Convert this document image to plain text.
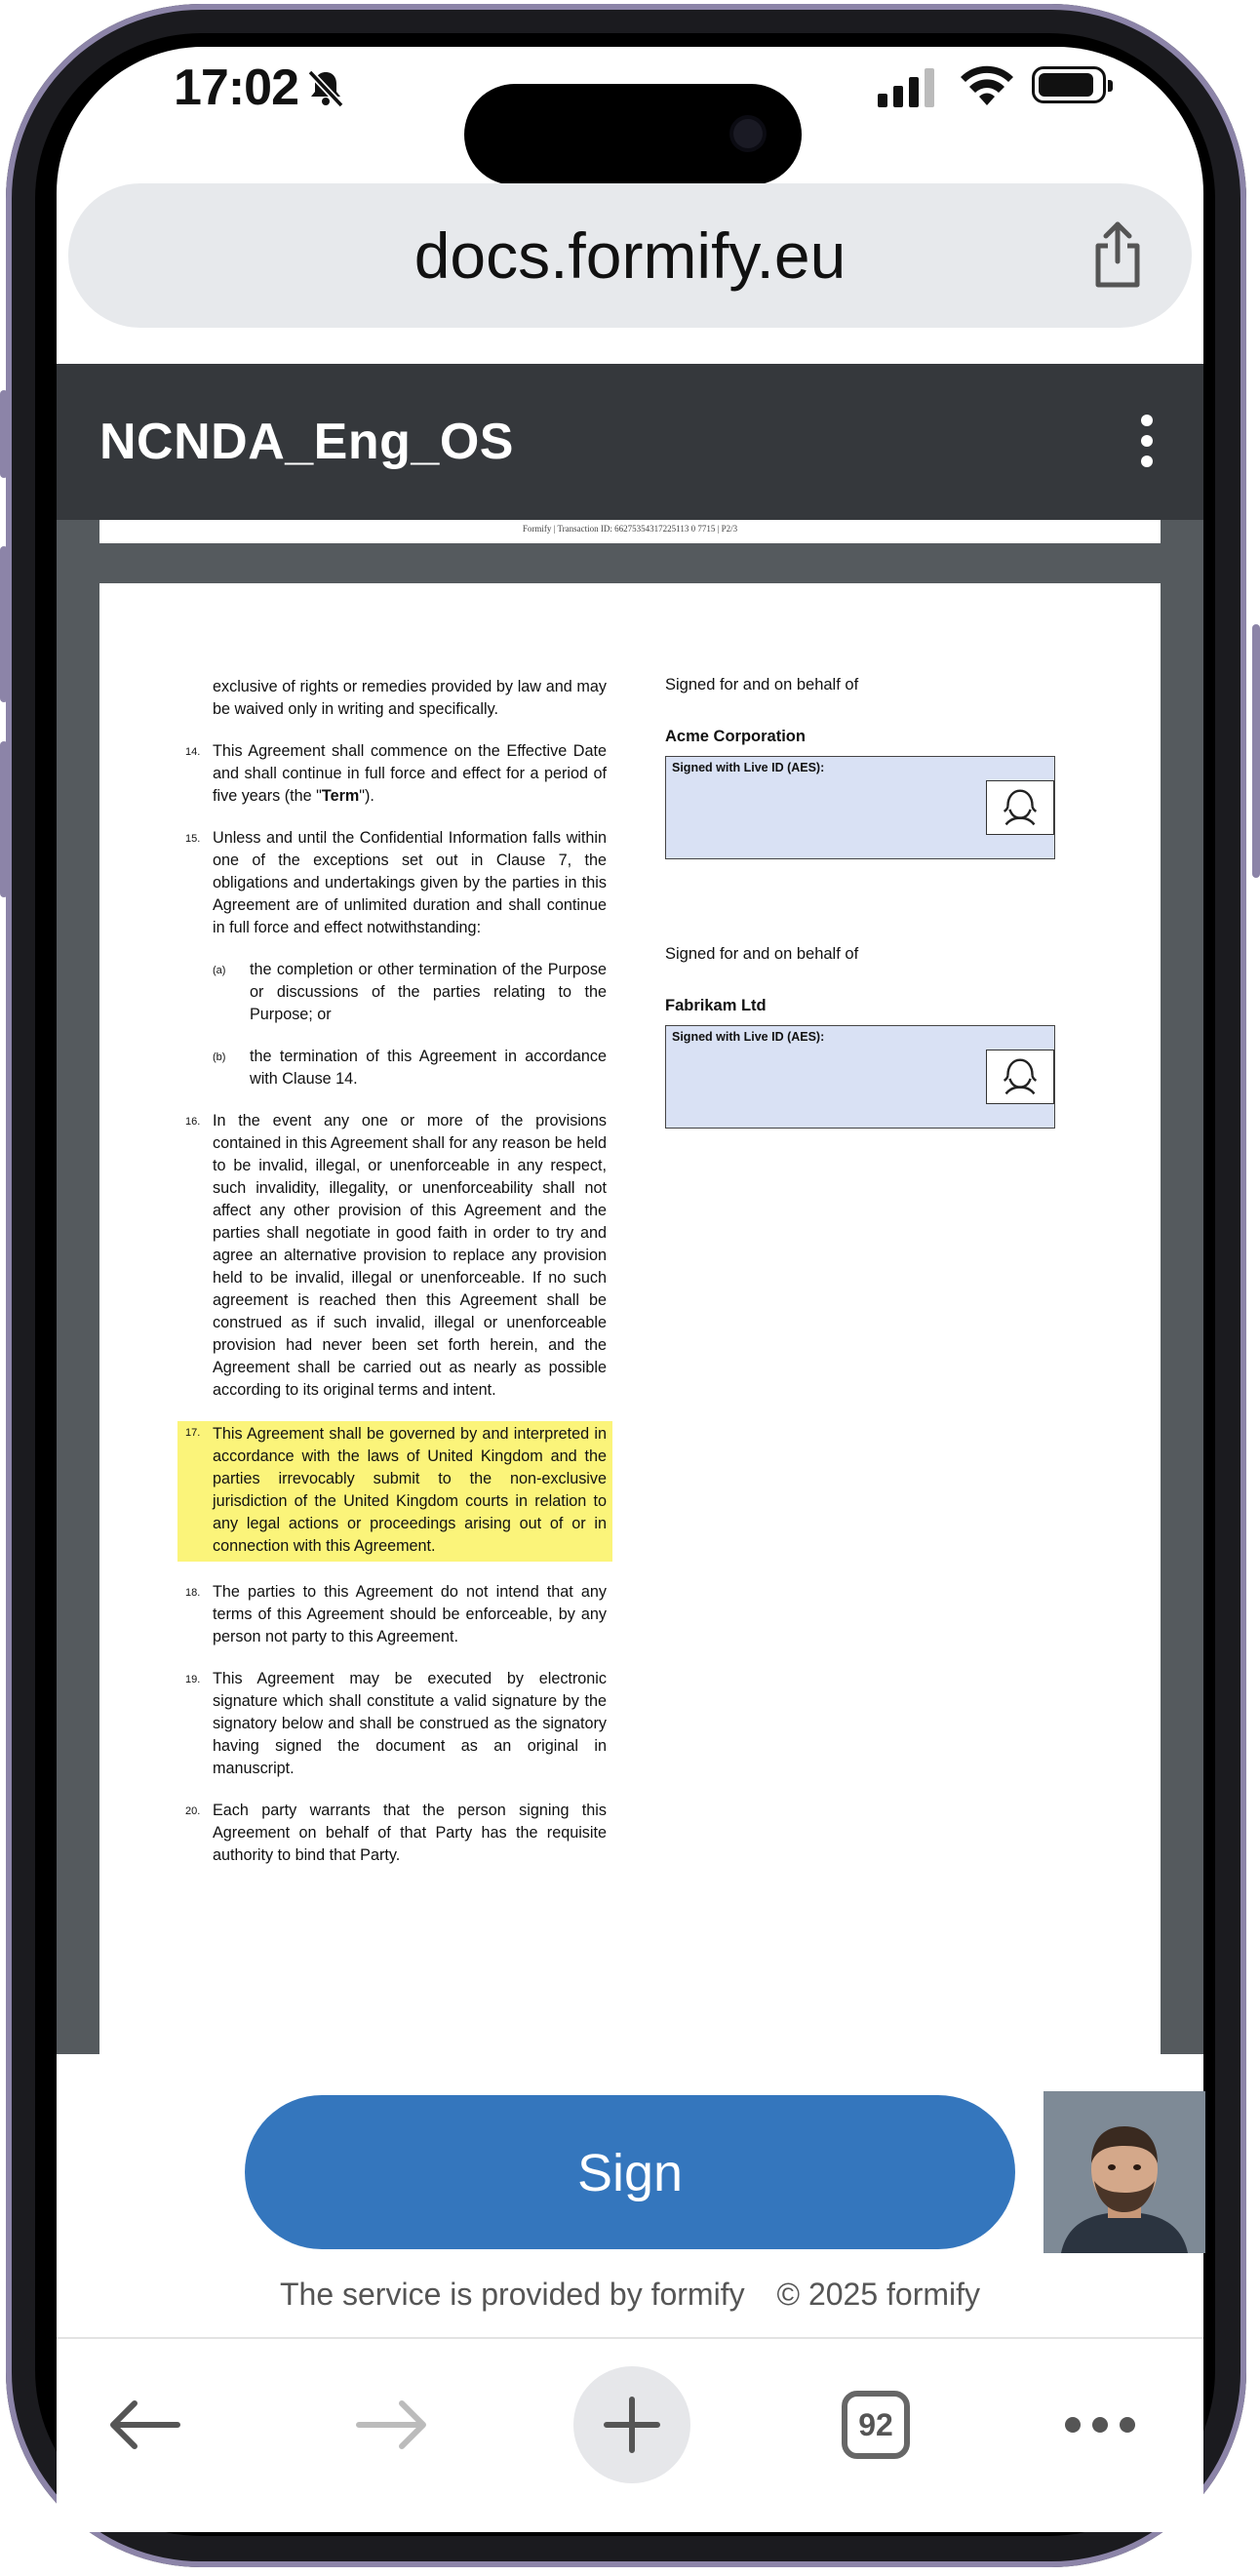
17:02
docs.formify.eu
NCNDA_Eng_OS
Formify | Transaction ID: 66275354317225113 0 7715 | P2/3
exclusive of rights or remedies provided by law and may be waived only in writing and specifically.
14. This Agreement shall commence on the Effective Date and shall continue in full force and effect for a period of five years (the "Term").
15. Unless and until the Confidential Information falls within one of the exceptions set out in Clause 7, the obligations and undertakings given by the parties in this Agreement are of unlimited duration and shall continue in full force and effect notwithstanding:
(a) the completion or other termination of the Purpose or discussions of the parties relating to the Purpose; or
(b) the termination of this Agreement in accordance with Clause 14.
16. In the event any one or more of the provisions contained in this Agreement shall for any reason be held to be invalid, illegal, or unenforceable in any respect, such invalidity, illegality, or unenforceability shall not affect any other provision of this Agreement and the parties shall negotiate in good faith in order to try and agree an alternative provision to replace any provision held to be invalid, illegal or unenforceable. If no such agreement is reached then this Agreement shall be construed as if such invalid, illegal or unenforceable provision had never been set forth herein, and the Agreement shall be carried out as nearly as possible according to its original terms and intent.
17. This Agreement shall be governed by and interpreted in accordance with the laws of United Kingdom and the parties irrevocably submit to the non-exclusive jurisdiction of the United Kingdom courts in relation to any legal actions or proceedings arising out of or in connection with this Agreement.
18. The parties to this Agreement do not intend that any terms of this Agreement should be enforceable, by any person not party to this Agreement.
19. This Agreement may be executed by electronic signature which shall constitute a valid signature by the signatory below and shall be construed as the signatory having signed the document as an original in manuscript.
20. Each party warrants that the person signing this Agreement on behalf of that Party has the requisite authority to bind that Party.
Signed for and on behalf of
Acme Corporation
Signed with Live ID (AES):
Signed for and on behalf of
Fabrikam Ltd
Signed with Live ID (AES):
Sign
The service is provided by formify © 2025 formify
92
